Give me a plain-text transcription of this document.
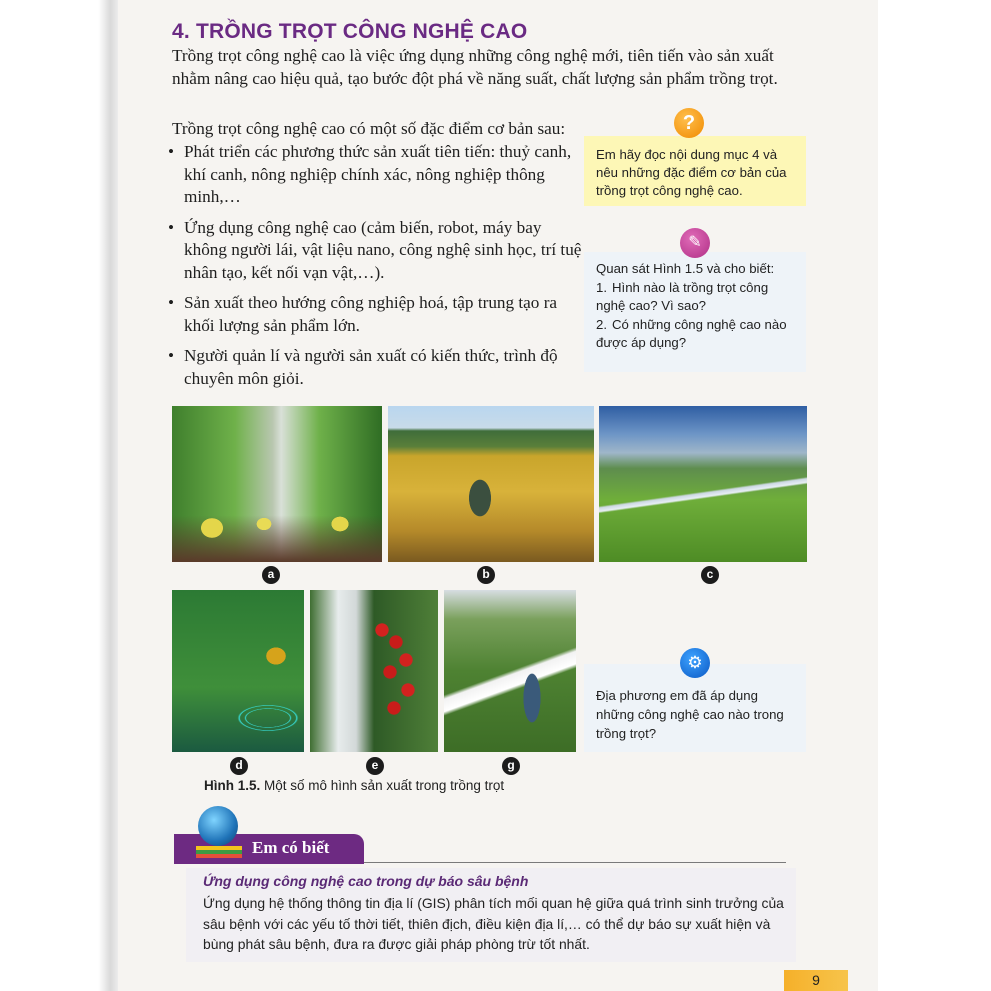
4. TRỒNG TRỌT CÔNG NGHỆ CAO

Trồng trọt công nghệ cao là việc ứng dụng những công nghệ mới, tiên tiến vào sản xuất nhằm nâng cao hiệu quả, tạo bước đột phá về năng suất, chất lượng sản phẩm trồng trọt.

Trồng trọt công nghệ cao có một số đặc điểm cơ bản sau:

• Phát triển các phương thức sản xuất tiên tiến: thuỷ canh, khí canh, nông nghiệp chính xác, nông nghiệp thông minh,…
• Ứng dụng công nghệ cao (cảm biến, robot, máy bay không người lái, vật liệu nano, công nghệ sinh học, trí tuệ nhân tạo, kết nối vạn vật,…).
• Sản xuất theo hướng công nghiệp hoá, tập trung tạo ra khối lượng sản phẩm lớn.
• Người quản lí và người sản xuất có kiến thức, trình độ chuyên môn giỏi.
Em hãy đọc nội dung mục 4 và nêu những đặc điểm cơ bản của trồng trọt công nghệ cao.
?
Quan sát Hình 1.5 và cho biết:
1. Hình nào là trồng trọt công nghệ cao? Vì sao?
2. Có những công nghệ cao nào được áp dụng?
✎
a	b	c
d	e	g
Địa phương em đã áp dụng những công nghệ cao nào trong trồng trọt?
⚙
Hình 1.5. Một số mô hình sản xuất trong trồng trọt
Em có biết
Ứng dụng công nghệ cao trong dự báo sâu bệnh

Ứng dụng hệ thống thông tin địa lí (GIS) phân tích mối quan hệ giữa quá trình sinh trưởng của sâu bệnh với các yếu tố thời tiết, thiên địch, điều kiện địa lí,… có thể dự báo sự xuất hiện và bùng phát sâu bệnh, đưa ra được giải pháp phòng trừ tốt nhất.

9
